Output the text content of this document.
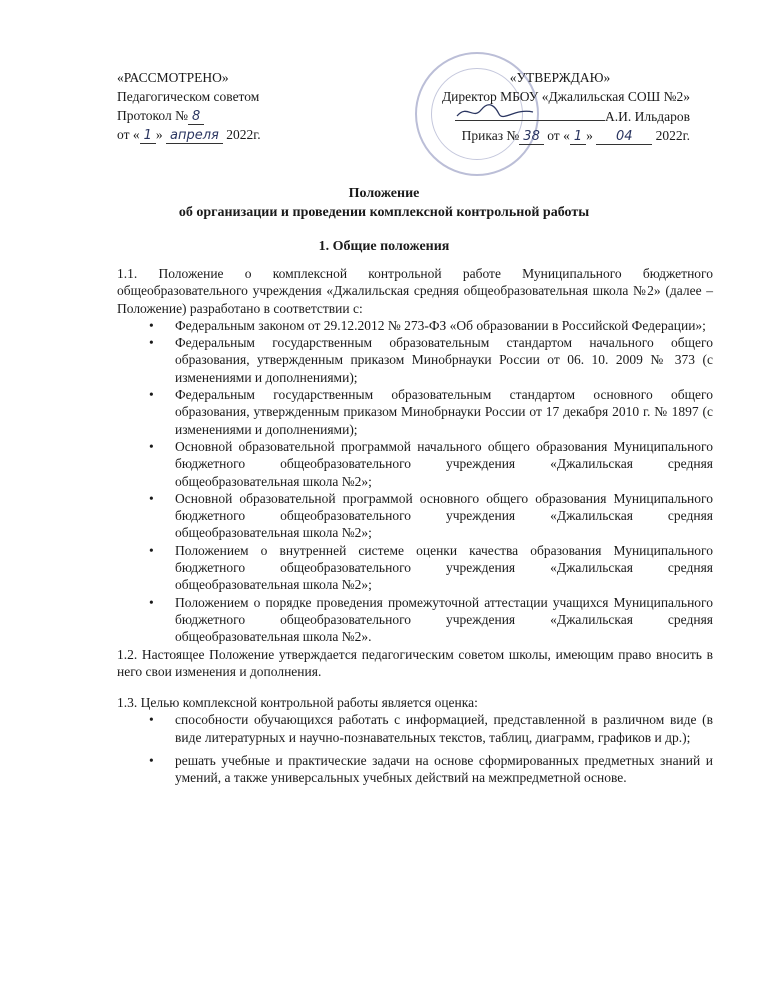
«РАССМОТРЕНО»
Педагогическом советом
Протокол № 8
от « 1 » апреля 2022г.
«УТВЕРЖДАЮ»
Директор МБОУ «Джалильская СОШ №2»
А.И. Ильдаров
Приказ № 38 от « 1 » 04 2022г.
Положение
об организации и проведении комплексной контрольной работы
1. Общие положения

1.1. Положение о комплексной контрольной работе Муниципального бюджетного общеобразовательного учреждения «Джалильская средняя общеобразовательная школа №2» (далее – Положение) разработано в соответствии с:

• Федеральным законом от 29.12.2012 № 273-ФЗ «Об образовании в Российской Федерации»;
• Федеральным государственным образовательным стандартом начального общего образования, утвержденным приказом Минобрнауки России от 06. 10. 2009 № 373 (с изменениями и дополнениями);
• Федеральным государственным образовательным стандартом основного общего образования, утвержденным приказом Минобрнауки России от 17 декабря 2010 г. № 1897 (с изменениями и дополнениями);
• Основной образовательной программой начального общего образования Муниципального бюджетного общеобразовательного учреждения «Джалильская средняя общеобразовательная школа №2»;
• Основной образовательной программой основного общего образования Муниципального бюджетного общеобразовательного учреждения «Джалильская средняя общеобразовательная школа №2»;
• Положением о внутренней системе оценки качества образования Муниципального бюджетного общеобразовательного учреждения «Джалильская средняя общеобразовательная школа №2»;
• Положением о порядке проведения промежуточной аттестации учащихся Муниципального бюджетного общеобразовательного учреждения «Джалильская средняя общеобразовательная школа №2».

1.2. Настоящее Положение утверждается педагогическим советом школы, имеющим право вносить в него свои изменения и дополнения.

1.3. Целью комплексной контрольной работы является оценка:

• способности обучающихся работать с информацией, представленной в различном виде (в виде литературных и научно-познавательных текстов, таблиц, диаграмм, графиков и др.);
• решать учебные и практические задачи на основе сформированных предметных знаний и умений, а также универсальных учебных действий на межпредметной основе.
